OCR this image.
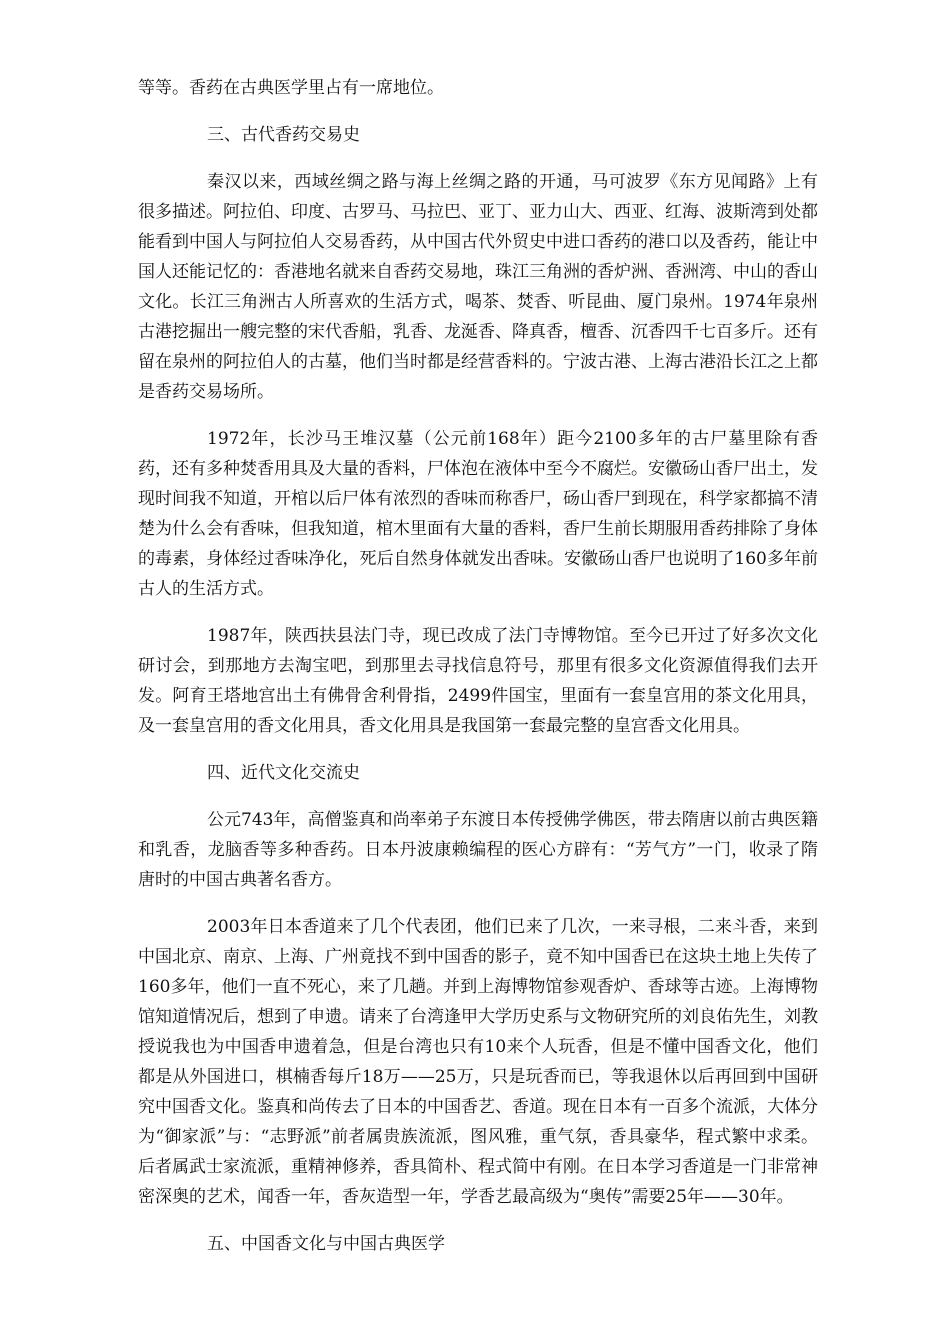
等等。香药在古典医学里占有一席地位。

三、古代香药交易史

秦汉以来，西域丝绸之路与海上丝绸之路的开通，马可波罗《东方见闻路》上有很多描述。阿拉伯、印度、古罗马、马拉巴、亚丁、亚力山大、西亚、红海、波斯湾到处都能看到中国人与阿拉伯人交易香药，从中国古代外贸史中进口香药的港口以及香药，能让中国人还能记忆的：香港地名就来自香药交易地，珠江三角洲的香炉洲、香洲湾、中山的香山文化。长江三角洲古人所喜欢的生活方式，喝茶、焚香、听昆曲、厦门泉州。1974年泉州古港挖掘出一艘完整的宋代香船，乳香、龙涎香、降真香，檀香、沉香四千七百多斤。还有留在泉州的阿拉伯人的古墓，他们当时都是经营香料的。宁波古港、上海古港沿长江之上都是香药交易场所。

1972年，长沙马王堆汉墓（公元前168年）距今2100多年的古尸墓里除有香药，还有多种焚香用具及大量的香料，尸体泡在液体中至今不腐烂。安徽砀山香尸出土，发现时间我不知道，开棺以后尸体有浓烈的香味而称香尸，砀山香尸到现在，科学家都搞不清楚为什么会有香味，但我知道，棺木里面有大量的香料，香尸生前长期服用香药排除了身体的毒素，身体经过香味净化，死后自然身体就发出香味。安徽砀山香尸也说明了160多年前古人的生活方式。

1987年，陕西扶县法门寺，现已改成了法门寺博物馆。至今已开过了好多次文化研讨会，到那地方去淘宝吧，到那里去寻找信息符号，那里有很多文化资源值得我们去开发。阿育王塔地宫出土有佛骨舍利骨指，2499件国宝，里面有一套皇宫用的茶文化用具，及一套皇宫用的香文化用具，香文化用具是我国第一套最完整的皇宫香文化用具。

四、近代文化交流史

公元743年，高僧鉴真和尚率弟子东渡日本传授佛学佛医，带去隋唐以前古典医籍和乳香，龙脑香等多种香药。日本丹波康赖编程的医心方辟有：“芳气方”一门，收录了隋唐时的中国古典著名香方。

2003年日本香道来了几个代表团，他们已来了几次，一来寻根，二来斗香，来到中国北京、南京、上海、广州竟找不到中国香的影子，竟不知中国香已在这块土地上失传了160多年，他们一直不死心，来了几趟。并到上海博物馆参观香炉、香球等古迹。上海博物馆知道情况后，想到了申遗。请来了台湾逢甲大学历史系与文物研究所的刘良佑先生，刘教授说我也为中国香申遗着急，但是台湾也只有10来个人玩香，但是不懂中国香文化，他们都是从外国进口，棋楠香每斤18万——25万，只是玩香而已，等我退休以后再回到中国研究中国香文化。鉴真和尚传去了日本的中国香艺、香道。现在日本有一百多个流派，大体分为“御家派”与：“志野派”前者属贵族流派，图风雅，重气氛，香具豪华，程式繁中求柔。后者属武士家流派，重精神修养，香具简朴、程式简中有刚。在日本学习香道是一门非常神密深奥的艺术，闻香一年，香灰造型一年，学香艺最高级为“奥传”需要25年——30年。

五、中国香文化与中国古典医学
